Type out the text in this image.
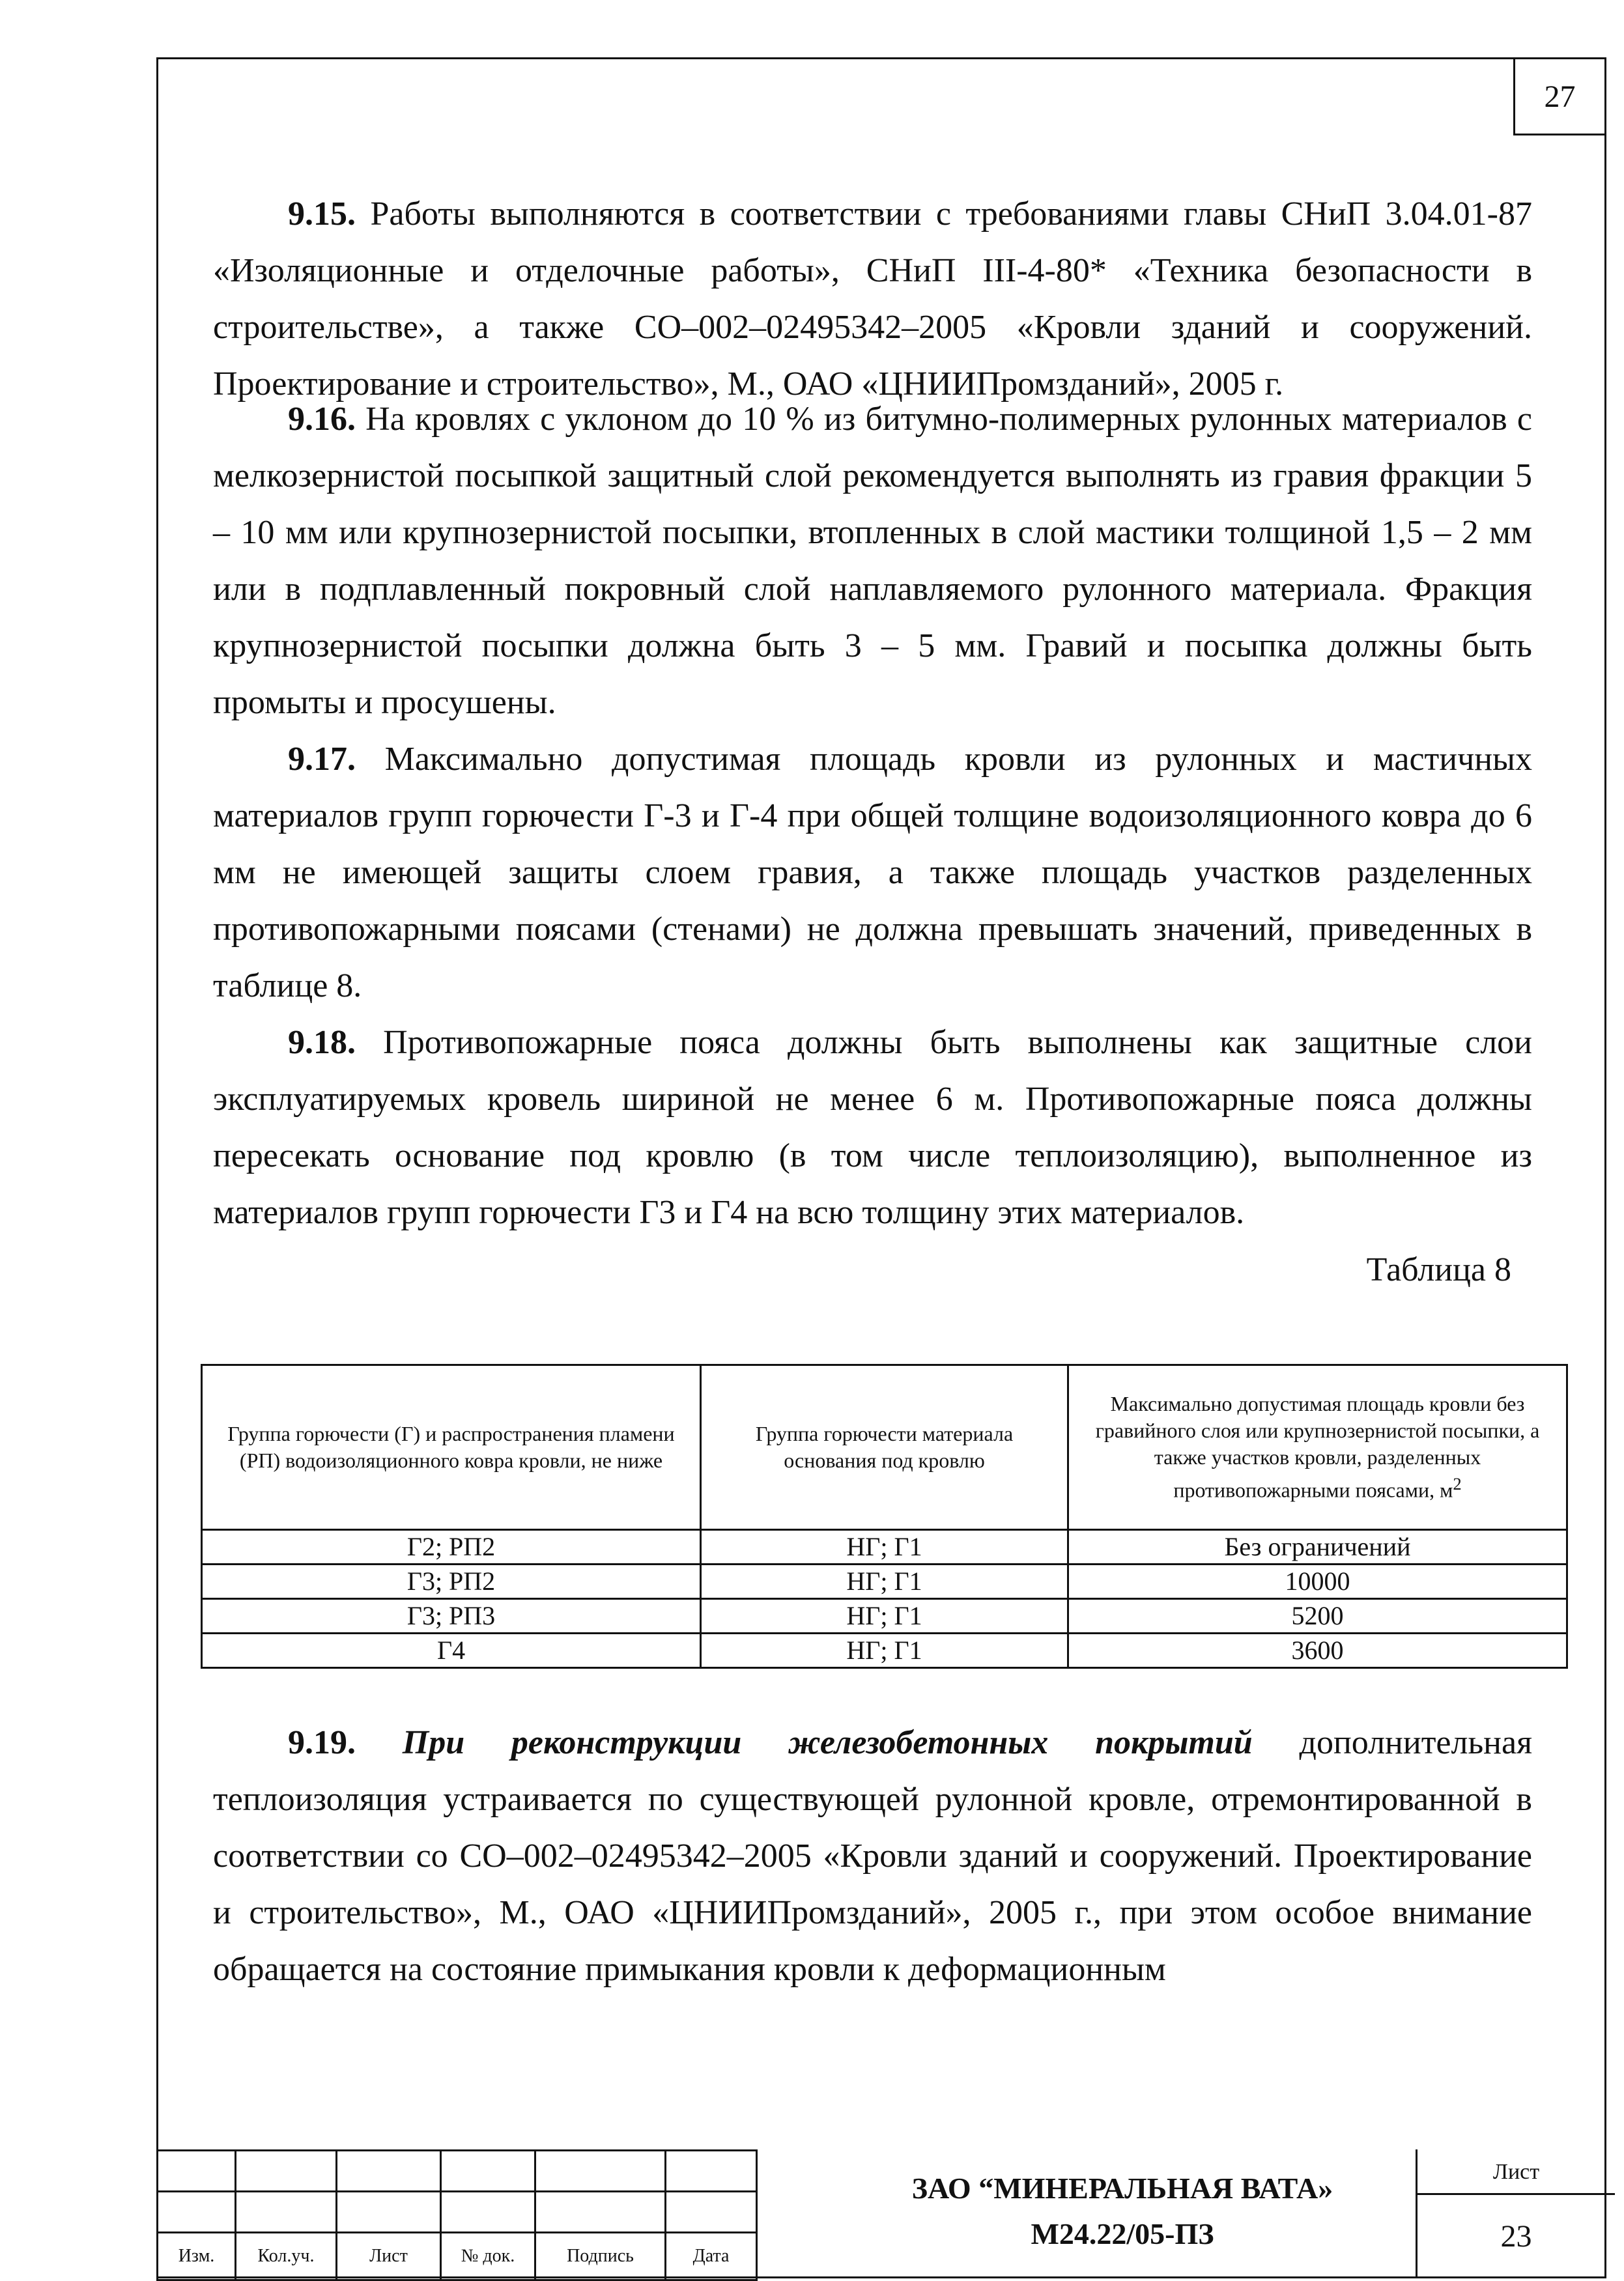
27

9.15. Работы выполняются в соответствии с требованиями главы СНиП 3.04.01-87 «Изоляционные и отделочные работы», СНиП III-4-80* «Техника безопасности в строительстве», а также СО–002–02495342–2005 «Кровли зданий и сооружений. Проектирование и строительство», М., ОАО «ЦНИИПромзданий», 2005 г.

9.16. На кровлях с уклоном до 10 % из битумно-полимерных рулонных материалов с мелкозернистой посыпкой защитный слой рекомендуется выполнять из гравия фракции 5 – 10 мм или крупнозернистой посыпки, втопленных в слой мастики толщиной 1,5 – 2 мм или в подплавленный покровный слой наплавляемого рулонного материала. Фракция крупнозернистой посыпки должна быть 3 – 5 мм. Гравий и посыпка должны быть промыты и просушены.

9.17. Максимально допустимая площадь кровли из рулонных и мастичных материалов групп горючести Г-3 и Г-4 при общей толщине водоизоляционного ковра до 6 мм не имеющей защиты слоем гравия, а также площадь участков разделенных противопожарными поясами (стенами) не должна превышать значений, приведенных в таблице 8.

9.18. Противопожарные пояса должны быть выполнены как защитные слои эксплуатируемых кровель шириной не менее 6 м. Противопожарные пояса должны пересекать основание под кровлю (в том числе теплоизоляцию), выполненное из материалов групп горючести Г3 и Г4 на всю толщину этих материалов.

Таблица 8
Группа горючести (Г) и распространения пламени (РП) водоизоляционного ковра кровли, не ниже	Группа горючести материала основания под кровлю	Максимально допустимая площадь кровли без гравийного слоя или крупнозернистой посыпки, а также участков кровли, разделенных противопожарными поясами, $м^2$
Г2; РП2	НГ; Г1	Без ограничений
Г3; РП2	НГ; Г1	10000
Г3; РП3	НГ; Г1	5200
Г4	НГ; Г1	3600

9.19. При реконструкции железобетонных покрытий дополнительная теплоизоляция устраивается по существующей рулонной кровле, отремонтированной в соответствии со СО–002–02495342–2005 «Кровли зданий и сооружений. Проектирование и строительство», М., ОАО «ЦНИИПромзданий», 2005 г., при этом особое внимание обращается на состояние примыкания кровли к деформационным

Изм.	Кол.уч.	Лист	№ док.	Подпись	Дата
ЗАО “МИНЕРАЛЬНАЯ ВАТА»
М24.22/05-ПЗ
Лист
23
